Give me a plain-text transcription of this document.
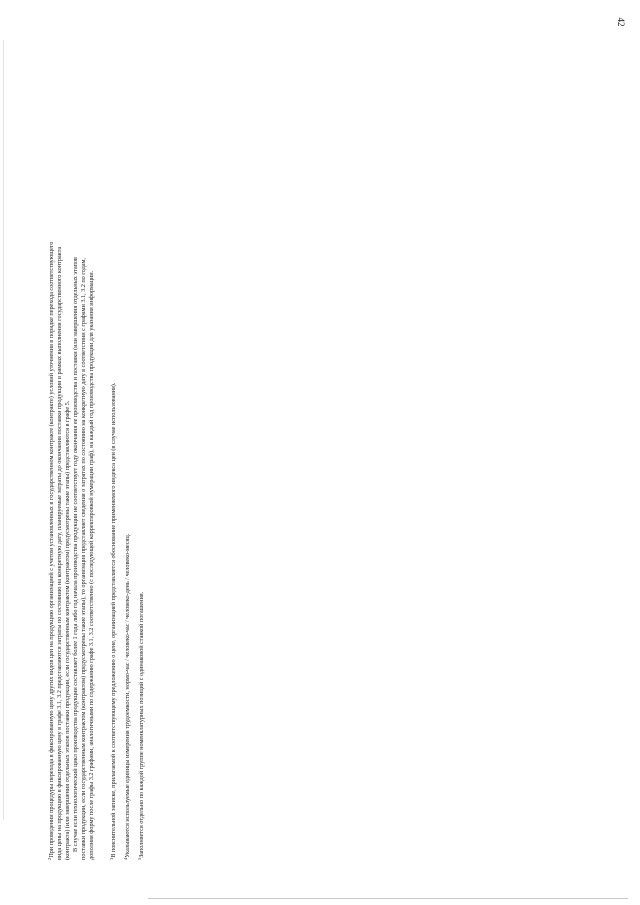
42
$^2$При проведении процедуры перехода в фиксированную цену других видов цен на продукцию организацией с учетом установленных в государственном контракте (контракте) условий уточнения в порядке перехода соответствующего вида цены на продукцию в фиксированную цену в графе 3.1, 3.2 представляются затраты по состоянию на конкретную дату, планируемые затраты до окончания поставки продукции в рамках выполнения государственного контракта (контракта) (или завершения отдельных этапов поставки продукции, если государственным контрактом (контрактом) предусмотрены такие этапы) представляются в графе 5. В случае если технологический цикл производства продукции составляет более 1 года либо год начала производства продукции не соответствует году окончания ее производства и поставки (или завершения отдельных этапов поставки продукции, если государственным контрактом (контрактом) предусмотрены такие этапы), то организация представляет сведения о затратах по состоянию на конкретную дату в соответствии с графами 3.1, 3.2 по годам, дополняя форму после графы 3.2 графами, аналогичными по содержанию графе 3.1, 3.2 соответственно (с последующей корректировкой нумерации граф), на каждый год производства продукции для указания информации.	$^3$В пояснительной записке, прилагаемой к соответствующему предложению о цене, организацией представляется обоснование применяемого индекса цен (в случае использования).
$^4$Указываются используемые единицы измерения трудоемкости, нормо-час / человеко-час / человеко-день / человеко-месяц.
$^5$Заполняется отдельно по каждой группе номенклатурных позиций с одинаковой ставкой погашения.
